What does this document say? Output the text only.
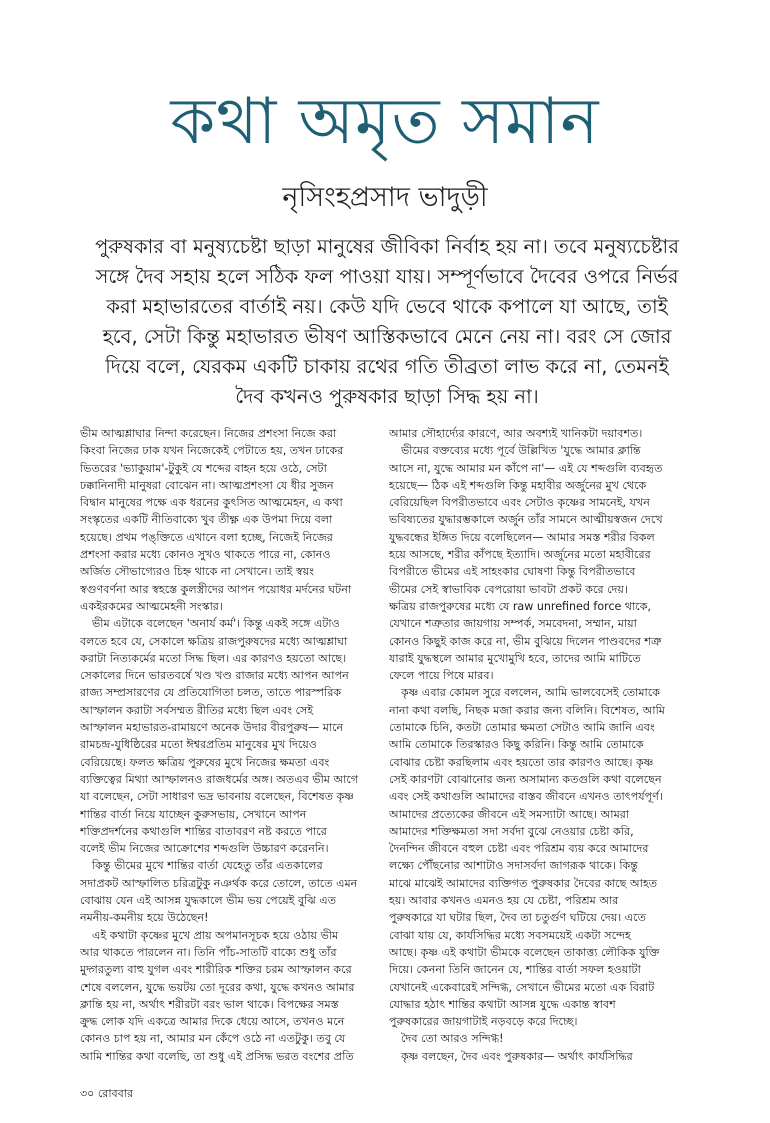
কথা অমৃত সমান
নৃসিংহপ্রসাদ ভাদুড়ী
পুরুষকার বা মনুষ্যচেষ্টা ছাড়া মানুষের জীবিকা নির্বাহ হয় না। তবে মনুষ্যচেষ্টার
সঙ্গে দৈব সহায় হলে সঠিক ফল পাওয়া যায়। সম্পূর্ণভাবে দৈবের ওপরে নির্ভর
করা মহাভারতের বার্তাই নয়। কেউ যদি ভেবে থাকে কপালে যা আছে, তাই
হবে, সেটা কিন্তু মহাভারত ভীষণ আস্তিকভাবে মেনে নেয় না। বরং সে জোর
দিয়ে বলে, যেরকম একটি চাকায় রথের গতি তীব্রতা লাভ করে না, তেমনই
দৈব কখনও পুরুষকার ছাড়া সিদ্ধ হয় না।
ভীম আত্মশ্লাঘার নিন্দা করেছেন। নিজের প্রশংসা নিজে করা
কিংবা নিজের ঢাক যখন নিজেকেই পেটাতে হয়, তখন ঢাকের
ভিতরের 'ভ্যাকুয়াম'-টুকুই যে শব্দের বাহন হয়ে ওঠে, সেটা
ঢক্কানিনাদী মানুষরা বোঝেন না। আত্মপ্রশংসা যে ধীর সুজন
বিদ্বান মানুষের পক্ষে এক ধরনের কুৎসিত আত্মমেহন, এ কথা
সংস্কৃতের একটি নীতিবাক্যে খুব তীক্ষ্ণ এক উপমা দিয়ে বলা
হয়েছে। প্রথম পঙ্‌ক্তিতে এখানে বলা হচ্ছে, নিজেই নিজের
প্রশংসা করার মধ্যে কোনও সুখও থাকতে পারে না, কোনও
অর্জিত সৌভাগ্যেরও চিহ্ন থাকে না সেখানে। তাই স্বয়ং
স্বগুণবর্ণনা আর স্বহস্তে কুলস্ত্রীদের আপন পয়োধর মর্দনের ঘটনা
একইরকমের আত্মমেহনী সংস্কার।
ভীম এটাকে বলেছেন 'অনার্য কর্ম'। কিন্তু একই সঙ্গে এটাও
বলতে হবে যে, সেকালে ক্ষত্রিয় রাজপুরুষদের মধ্যে আত্মশ্লাঘা
করাটা নিত্যকর্মের মতো সিদ্ধ ছিল। এর কারণও হয়তো আছে।
সেকালের দিনে ভারতবর্ষে খণ্ড খণ্ড রাজার মধ্যে আপন আপন
রাজ্য সম্প্রসারণের যে প্রতিযোগিতা চলত, তাতে পারস্পরিক
আস্ফালন করাটা সর্বসম্মত রীতির মধ্যে ছিল এবং সেই
আস্ফালন মহাভারত-রামায়ণে অনেক উদার বীরপুরুষ— মানে
রামচন্দ্র-যুধিষ্ঠিরের মতো ঈশ্বরপ্রতিম মানুষের মুখ দিয়েও
বেরিয়েছে। ফলত ক্ষত্রিয় পুরুষের মুখে নিজের ক্ষমতা এবং
ব্যক্তিত্বের মিথ্যা আস্ফালনও রাজধর্মের অঙ্গ। অতএব ভীম আগে
যা বলেছেন, সেটা সাধারণ ভদ্র ভাবনায় বলেছেন, বিশেষত কৃষ্ণ
শান্তির বার্তা নিয়ে যাচ্ছেন কুরুসভায়, সেখানে আপন
শক্তিপ্রদর্শনের কথাগুলি শান্তির বাতাবরণ নষ্ট করতে পারে
বলেই ভীম নিজের আক্রোশের শব্দগুলি উচ্চারণ করেননি।
কিন্তু ভীমের মুখে শান্তির বার্তা যেহেতু তাঁর এতকালের
সদাপ্রকট আস্ফালিত চরিত্রটুকু নঞর্থক করে তোলে, তাতে এমন
বোঝায় যেন এই আসন্ন যুদ্ধকালে ভীম ভয় পেয়েই বুঝি এত
নমনীয়-কমনীয় হয়ে উঠেছেন!
এই কথাটা কৃষ্ণের মুখে প্রায় অপমানসূচক হয়ে ওঠায় ভীম
আর থাকতে পারলেন না। তিনি পাঁচ-সাতটি বাক্যে শুধু তাঁর
মুদ্গরতুল্য বাহু যুগল এবং শারীরিক শক্তির চরম আস্ফালন করে
শেষে বললেন, যুদ্ধে ভয়টয় তো দূরের কথা, যুদ্ধে কখনও আমার
ক্লান্তি হয় না, অর্থাৎ শরীরটা বরং ভাল থাকে। বিপক্ষের সমস্ত
ক্রুদ্ধ লোক যদি একত্রে আমার দিকে ধেয়ে আসে, তখনও মনে
কোনও চাপ হয় না, আমার মন কেঁপে ওঠে না এতটুকু। তবু যে
আমি শান্তির কথা বলেছি, তা শুধু এই প্রসিদ্ধ ভরত বংশের প্রতি
আমার সৌহার্দ্যের কারণে, আর অবশ্যই খানিকটা দয়াবশত।
ভীমের বক্তব্যের মধ্যে পূর্বে উল্লিখিত 'যুদ্ধে আমার ক্লান্তি
আসে না, যুদ্ধে আমার মন কাঁপে না'— এই যে শব্দগুলি ব্যবহৃত
হয়েছে— ঠিক এই শব্দগুলি কিন্তু মহাবীর অর্জুনের মুখ থেকে
বেরিয়েছিল বিপরীতভাবে এবং সেটাও কৃষ্ণের সামনেই, যখন
ভবিষ্যতের যুদ্ধারম্ভকালে অর্জুন তাঁর সামনে আত্মীয়স্বজন দেখে
যুদ্ধবন্ধের ইঙ্গিত দিয়ে বলেছিলেন— আমার সমস্ত শরীর বিকল
হয়ে আসছে, শরীর কাঁপছে ইত্যাদি। অর্জুনের মতো মহাবীরের
বিপরীতে ভীমের এই সাহংকার ঘোষণা কিন্তু বিপরীতভাবে
ভীমের সেই স্বাভাবিক বেপরোয়া ভাবটা প্রকট করে দেয়।
ক্ষত্রিয় রাজপুরুষের মধ্যে যে raw unrefined force থাকে,
যেখানে শত্রুতার জায়গায় সম্পর্ক, সমবেদনা, সম্মান, মায়া
কোনও কিছুই কাজ করে না, ভীম বুঝিয়ে দিলেন পাণ্ডবদের শত্রু
যারাই যুদ্ধস্থলে আমার মুখোমুখি হবে, তাদের আমি মাটিতে
ফেলে পায়ে পিষে মারব।
কৃষ্ণ এবার কোমল সুরে বললেন, আমি ভালবেসেই তোমাকে
নানা কথা বলছি, নিছক মজা করার জন্য বলিনি। বিশেষত, আমি
তোমাকে চিনি, কতটা তোমার ক্ষমতা সেটাও আমি জানি এবং
আমি তোমাকে তিরস্কারও কিছু করিনি। কিন্তু আমি তোমাকে
বোঝার চেষ্টা করছিলাম এবং হয়তো তার কারণও আছে। কৃষ্ণ
সেই কারণটা বোঝানোর জন্য অসামান্য কতগুলি কথা বলেছেন
এবং সেই কথাগুলি আমাদের বাস্তব জীবনে এখনও তাৎপর্যপূর্ণ।
আমাদের প্রত্যেকের জীবনে এই সমস্যাটা আছে। আমরা
আমাদের শক্তিক্ষমতা সদা সর্বদা বুঝে নেওয়ার চেষ্টা করি,
দৈনন্দিন জীবনে বহুল চেষ্টা এবং পরিশ্রম ব্যয় করে আমাদের
লক্ষ্যে পৌঁছনোর আশাটাও সদাসর্বদা জাগরূক থাকে। কিন্তু
মাঝে মাঝেই আমাদের ব্যক্তিগত পুরুষকার দৈবের কাছে আহত
হয়। আবার কখনও এমনও হয় যে চেষ্টা, পরিশ্রম আর
পুরুষকারে যা ঘটার ছিল, দৈব তা চতুর্গুণ ঘটিয়ে দেয়। এতে
বোঝা যায় যে, কার্যসিদ্ধির মধ্যে সবসময়েই একটা সন্দেহ
আছে। কৃষ্ণ এই কথাটা ভীমকে বলেছেন তাকাত্ত্য লৌকিক যুক্তি
দিয়ে। কেননা তিনি জানেন যে, শান্তির বার্তা সফল হওয়াটা
যেখানেই একেবারেই সন্দিগ্ধ, সেখানে ভীমের মতো এক বিরাট
যোদ্ধার হঠাৎ শান্তির কথাটা আসন্ন যুদ্ধে একান্ত স্বাবশ
পুরুষকারের জায়গাটাই নড়বড়ে করে দিচ্ছে।
দৈব তো আরও সন্দিগ্ধ!
কৃষ্ণ বলছেন, দৈব এবং পুরুষকার— অর্থাৎ কার্যসিদ্ধির
৩০ রোববার
